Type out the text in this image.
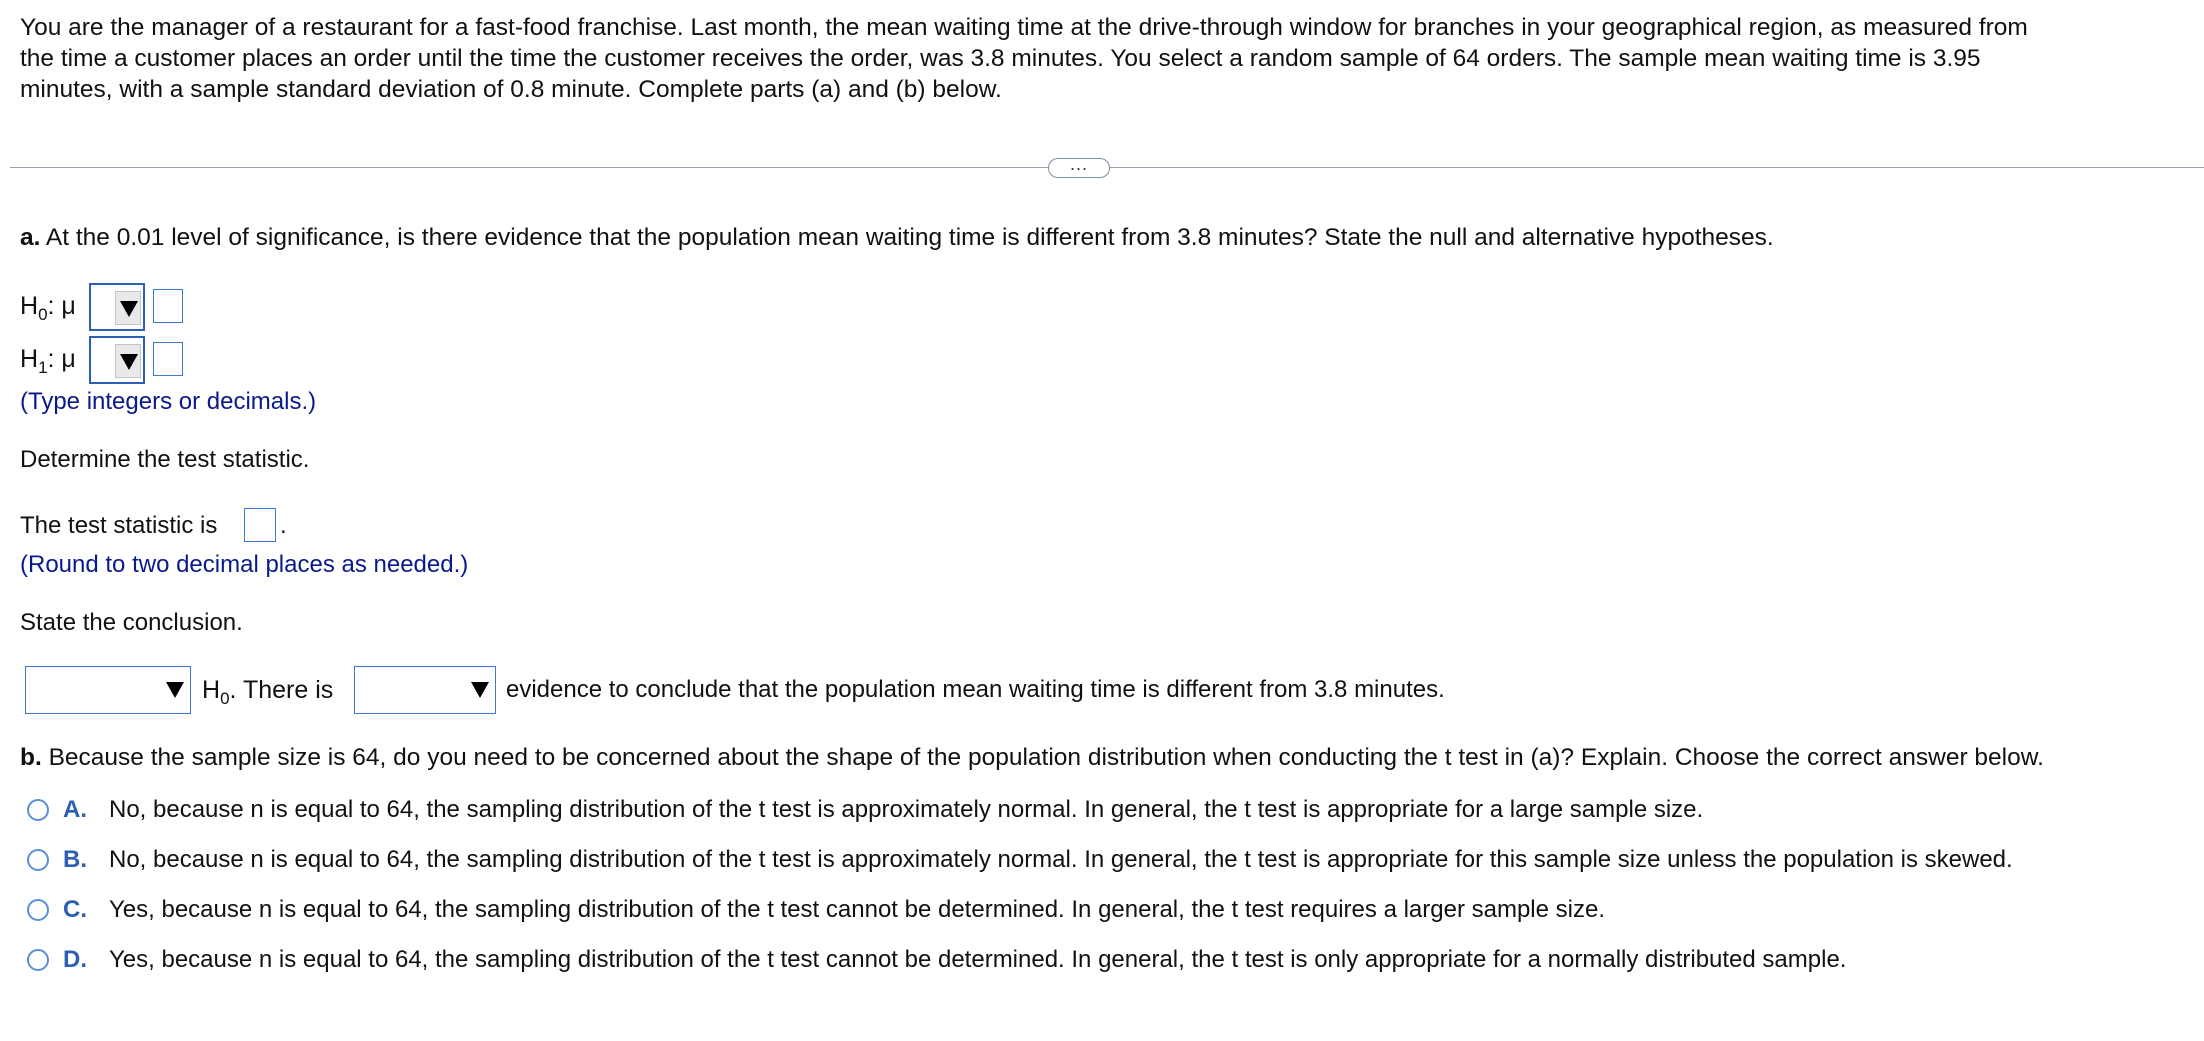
You are the manager of a restaurant for a fast-food franchise. Last month, the mean waiting time at the drive-through window for branches in your geographical region, as measured from
the time a customer places an order until the time the customer receives the order, was 3.8 minutes. You select a random sample of 64 orders. The sample mean waiting time is 3.95
minutes, with a sample standard deviation of 0.8 minute. Complete parts (a) and (b) below.
...
a. At the 0.01 level of significance, is there evidence that the population mean waiting time is different from 3.8 minutes? State the null and alternative hypotheses.
$H_0$: μ
$H_1$: μ
(Type integers or decimals.)
Determine the test statistic.
The test statistic is	.
(Round to two decimal places as needed.)
State the conclusion.
$H_0$. There is	evidence to conclude that the population mean waiting time is different from 3.8 minutes.
b. Because the sample size is 64, do you need to be concerned about the shape of the population distribution when conducting the t test in (a)? Explain. Choose the correct answer below.
A. No, because n is equal to 64, the sampling distribution of the t test is approximately normal. In general, the t test is appropriate for a large sample size.
B. No, because n is equal to 64, the sampling distribution of the t test is approximately normal. In general, the t test is appropriate for this sample size unless the population is skewed.
C. Yes, because n is equal to 64, the sampling distribution of the t test cannot be determined. In general, the t test requires a larger sample size.
D. Yes, because n is equal to 64, the sampling distribution of the t test cannot be determined. In general, the t test is only appropriate for a normally distributed sample.
